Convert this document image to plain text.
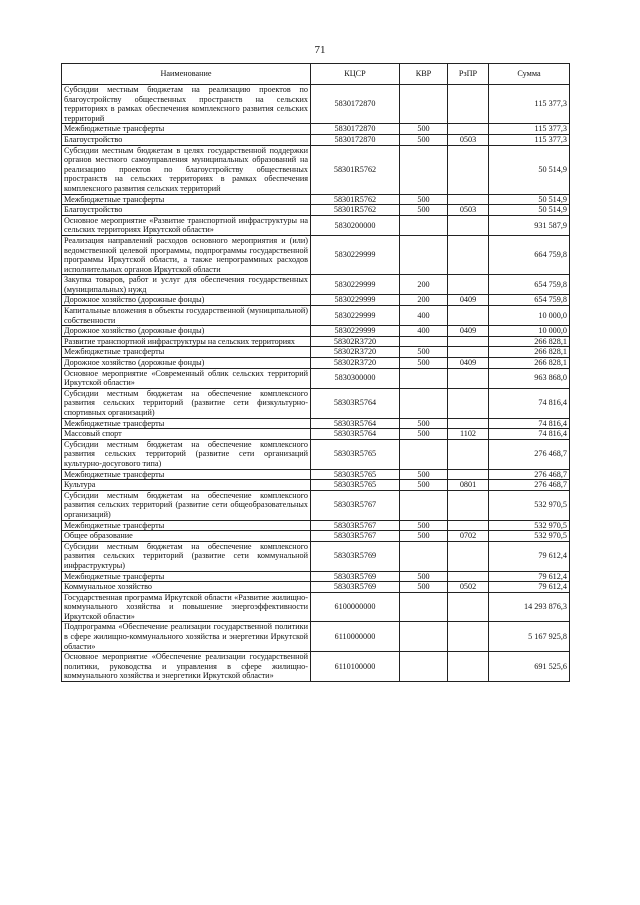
71
Наименование	КЦСР	КВР	РзПР	Сумма
Субсидии местным бюджетам на реализацию проектов по благоустройству общественных пространств на сельских территориях в рамках обеспечения комплексного развития сельских территорий	5830172870			115 377,3
Межбюджетные трансферты	5830172870	500		115 377,3
Благоустройство	5830172870	500	0503	115 377,3
Субсидии местным бюджетам в целях государственной поддержки органов местного самоуправления муниципальных образований на реализацию проектов по благоустройству общественных пространств на сельских территориях в рамках обеспечения комплексного развития сельских территорий	58301R5762			50 514,9
Межбюджетные трансферты	58301R5762	500		50 514,9
Благоустройство	58301R5762	500	0503	50 514,9
Основное мероприятие «Развитие транспортной инфраструктуры на сельских территориях Иркутской области»	5830200000			931 587,9
Реализация направлений расходов основного мероприятия и (или) ведомственной целевой программы, подпрограммы государственной программы Иркутской области, а также непрограммных расходов исполнительных органов Иркутской области	5830229999			664 759,8
Закупка товаров, работ и услуг для обеспечения государственных (муниципальных) нужд	5830229999	200		654 759,8
Дорожное хозяйство (дорожные фонды)	5830229999	200	0409	654 759,8
Капитальные вложения в объекты государственной (муниципальной) собственности	5830229999	400		10 000,0
Дорожное хозяйство (дорожные фонды)	5830229999	400	0409	10 000,0
Развитие транспортной инфраструктуры на сельских территориях	58302R3720			266 828,1
Межбюджетные трансферты	58302R3720	500		266 828,1
Дорожное хозяйство (дорожные фонды)	58302R3720	500	0409	266 828,1
Основное мероприятие «Современный облик сельских территорий Иркутской области»	5830300000			963 868,0
Субсидии местным бюджетам на обеспечение комплексного развития сельских территорий (развитие сети физкультурно-спортивных организаций)	58303R5764			74 816,4
Межбюджетные трансферты	58303R5764	500		74 816,4
Массовый спорт	58303R5764	500	1102	74 816,4
Субсидии местным бюджетам на обеспечение комплексного развития сельских территорий (развитие сети организаций культурно-досугового типа)	58303R5765			276 468,7
Межбюджетные трансферты	58303R5765	500		276 468,7
Культура	58303R5765	500	0801	276 468,7
Субсидии местным бюджетам на обеспечение комплексного развития сельских территорий (развитие сети общеобразовательных организаций)	58303R5767			532 970,5
Межбюджетные трансферты	58303R5767	500		532 970,5
Общее образование	58303R5767	500	0702	532 970,5
Субсидии местным бюджетам на обеспечение комплексного развития сельских территорий (развитие сети коммунальной инфраструктуры)	58303R5769			79 612,4
Межбюджетные трансферты	58303R5769	500		79 612,4
Коммунальное хозяйство	58303R5769	500	0502	79 612,4
Государственная программа Иркутской области «Развитие жилищно-коммунального хозяйства и повышение энергоэффективности Иркутской области»	6100000000			14 293 876,3
Подпрограмма «Обеспечение реализации государственной политики в сфере жилищно-коммунального хозяйства и энергетики Иркутской области»	6110000000			5 167 925,8
Основное мероприятие «Обеспечение реализации государственной политики, руководства и управления в сфере жилищно-коммунального хозяйства и энергетики Иркутской области»	6110100000			691 525,6
